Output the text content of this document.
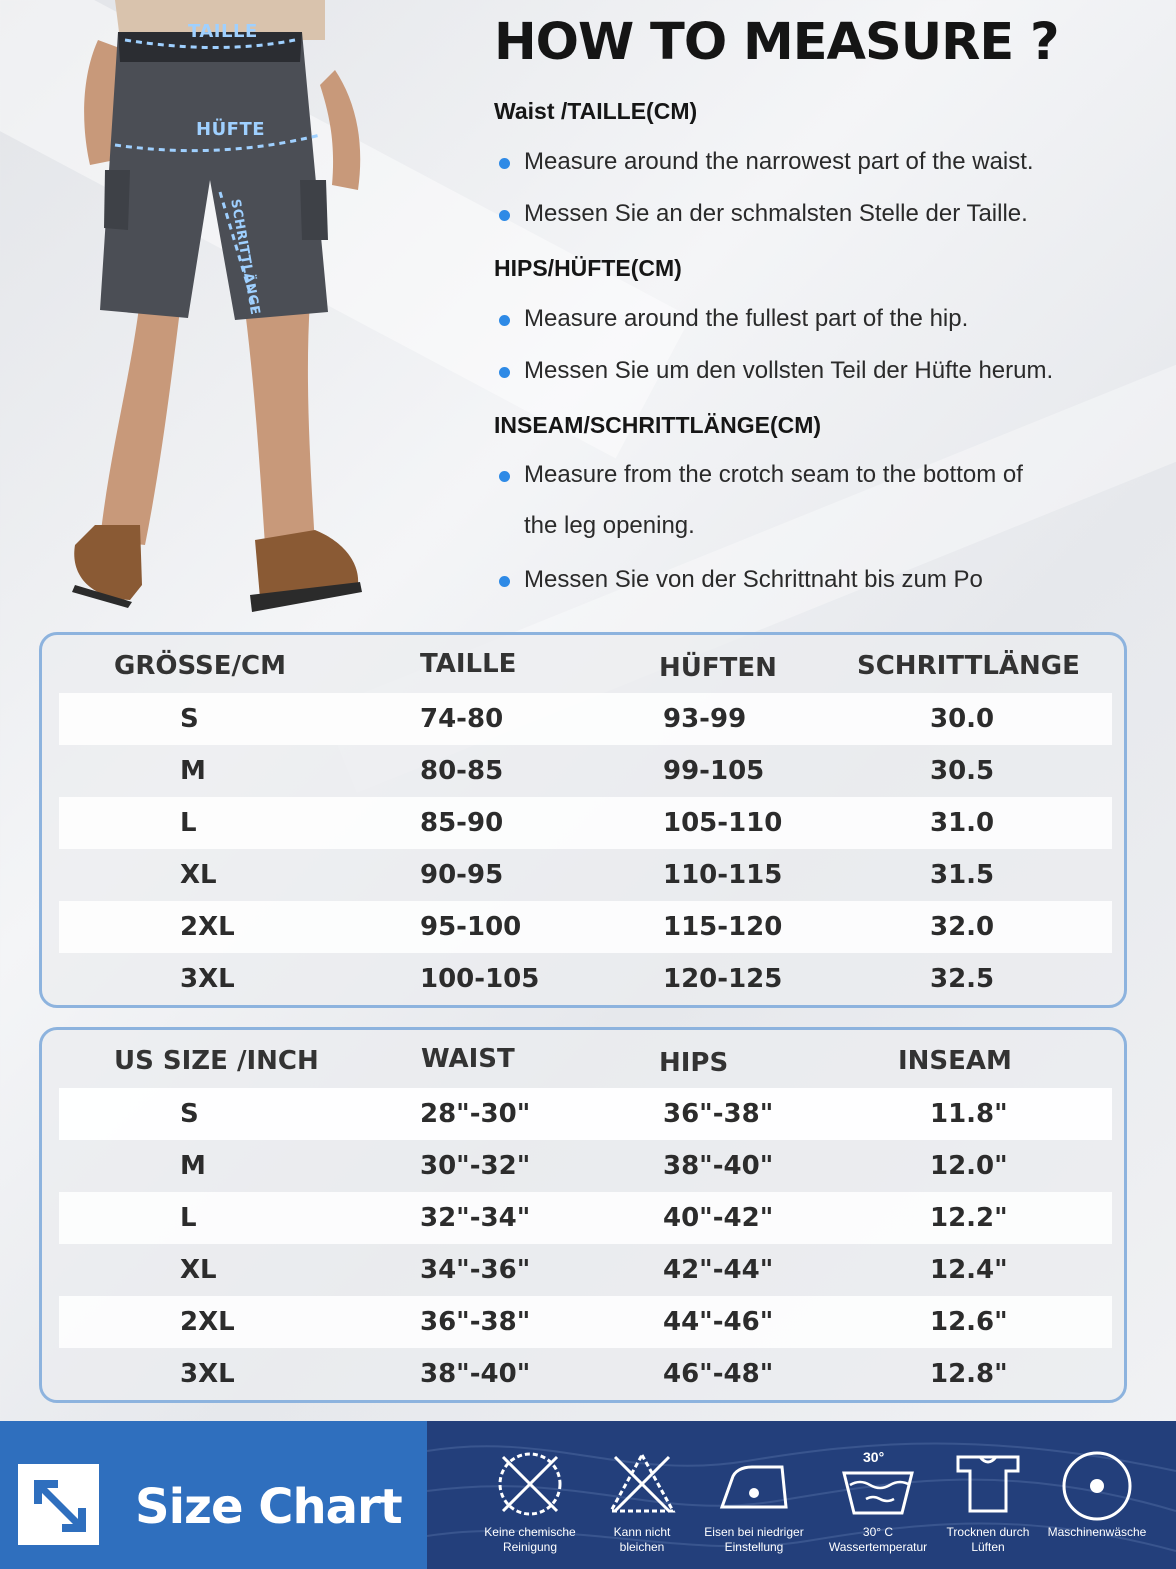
TAILLE
HÜFTE
SCHRITTLÄNGE
HOW TO MEASURE ?

Waist /TAILLE(CM)

Measure around the narrowest part of the waist.
Messen Sie an der schmalsten Stelle der Taille.

HIPS/HÜFTE(CM)

Measure around the fullest part of the hip.
Messen Sie um den vollsten Teil der Hüfte herum.

INSEAM/SCHRITTLÄNGE(CM)

Measure from the crotch seam to the bottom of
the leg opening.
Messen Sie von der Schrittnaht bis zum Po
GRÖSSE/CM	TAILLE	HÜFTEN	SCHRITTLÄNGE
S	74-80	93-99	30.0
M	80-85	99-105	30.5
L	85-90	105-110	31.0
XL	90-95	110-115	31.5
2XL	95-100	115-120	32.0
3XL	100-105	120-125	32.5
US SIZE /INCH	WAIST	HIPS	INSEAM
S	28"-30"	36"-38"	11.8"
M	30"-32"	38"-40"	12.0"
L	32"-34"	40"-42"	12.2"
XL	34"-36"	42"-44"	12.4"
2XL	36"-38"	44"-46"	12.6"
3XL	38"-40"	46"-48"	12.8"
Size Chart	Keine chemische
Reinigung
Kann nicht
bleichen
Eisen bei niedriger
Einstellung
30°
30° C
Wassertemperatur
Trocknen durch
Lüften
Maschinenwäsche
